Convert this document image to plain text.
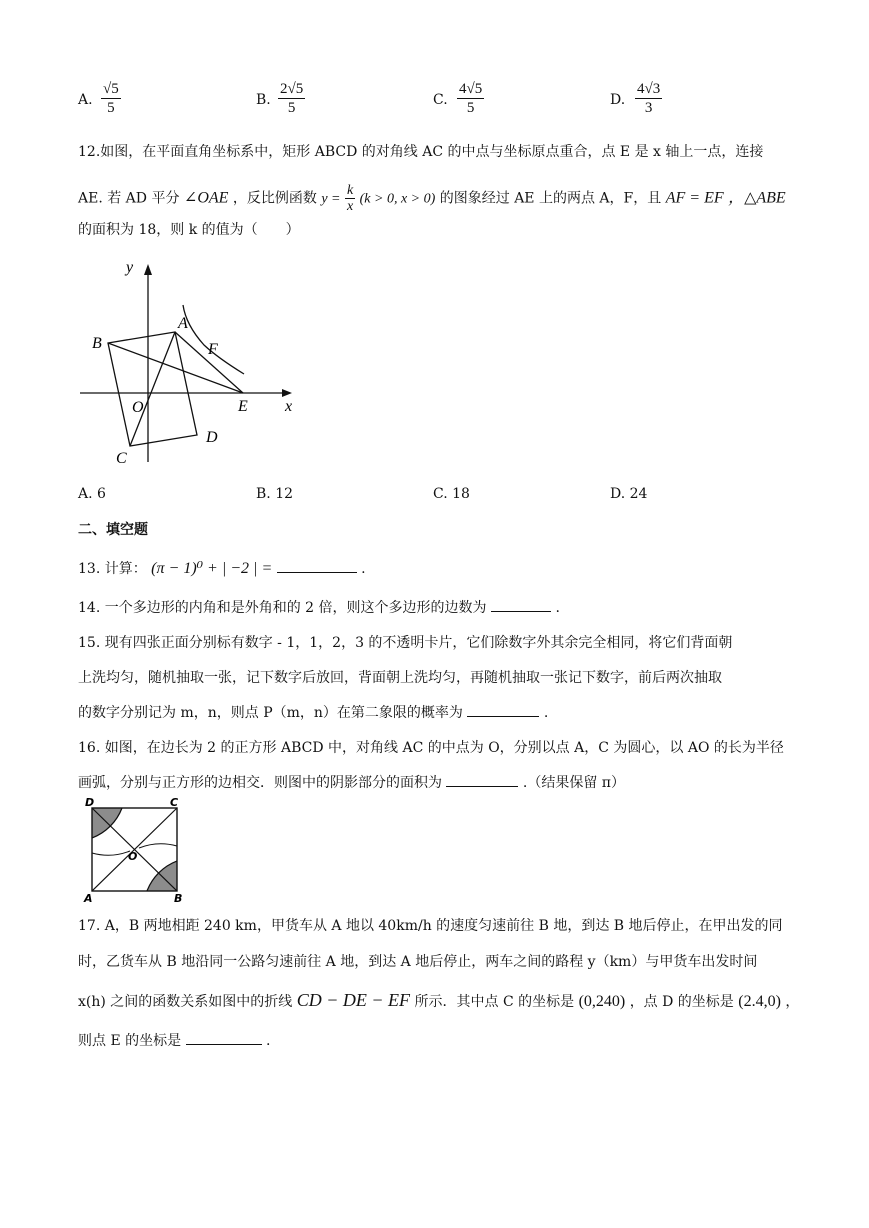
A. $\frac{√5}{5}$	B. $\frac{2√5}{5}$	C. $\frac{4√5}{5}$	D. $\frac{4√3}{3}$
12.如图，在平面直角坐标系中，矩形 ABCD 的对角线 AC 的中点与坐标原点重合，点 E 是 x 轴上一点，连接
AE. 若 AD 平分 ∠OAE ，反比例函数 $y = \frac{k}{x} (k > 0$, x > 0) 的图象经过 AE 上的两点 A，F，且 AF = EF ，△ABE
的面积为 18，则 k 的值为（　　）
y
x
A
B
C
D
E
F
O
A. 6	B. 12	C. 18	D. 24
二、填空题
13. 计算： (π − 1)⁰ + | −2 | =	.
14. 一个多边形的内角和是外角和的 2 倍，则这个多边形的边数为	.
15. 现有四张正面分别标有数字 - 1，1，2，3 的不透明卡片，它们除数字外其余完全相同，将它们背面朝
上洗均匀，随机抽取一张，记下数字后放回，背面朝上洗均匀，再随机抽取一张记下数字，前后两次抽取
的数字分别记为 m，n，则点 P（m，n）在第二象限的概率为	.
16. 如图，在边长为 2 的正方形 ABCD 中，对角线 AC 的中点为 O，分别以点 A，C 为圆心，以 AO 的长为半径
画弧，分别与正方形的边相交．则图中的阴影部分的面积为	.（结果保留 π）
D	C
A	B
O
17. A，B 两地相距 240 km，甲货车从 A 地以 40km/h 的速度匀速前往 B 地，到达 B 地后停止，在甲出发的同
时，乙货车从 B 地沿同一公路匀速前往 A 地，到达 A 地后停止，两车之间的路程 y（km）与甲货车出发时间
x(h) 之间的函数关系如图中的折线 CD − DE − EF 所示．其中点 C 的坐标是 (0,240) ，点 D 的坐标是 (2.4,0) ，
则点 E 的坐标是	.
